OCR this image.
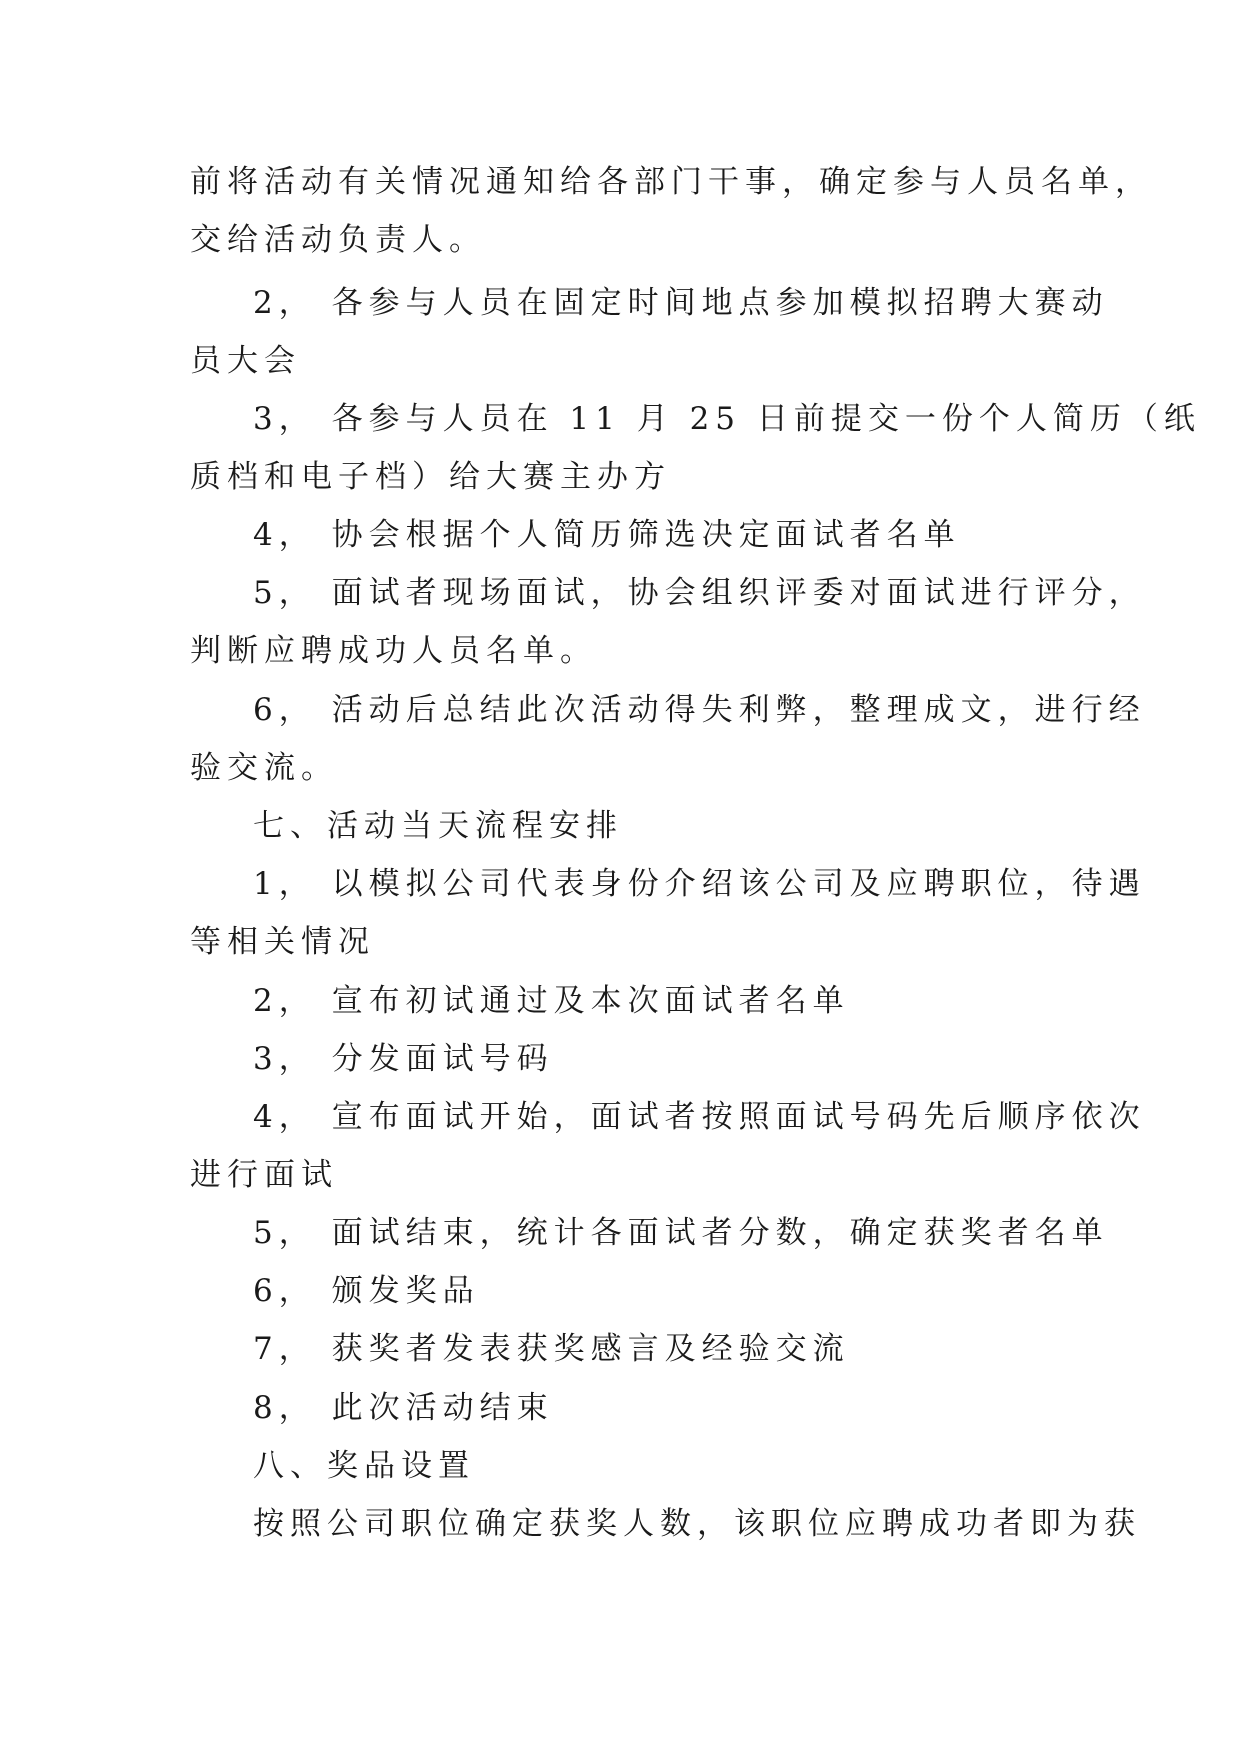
前将活动有关情况通知给各部门干事，确定参与人员名单，
交给活动负责人。
2， 各参与人员在固定时间地点参加模拟招聘大赛动
员大会
3， 各参与人员在 11 月 25 日前提交一份个人简历（纸
质档和电子档）给大赛主办方
4， 协会根据个人简历筛选决定面试者名单
5， 面试者现场面试，协会组织评委对面试进行评分，
判断应聘成功人员名单。
6， 活动后总结此次活动得失利弊，整理成文，进行经
验交流。
七、活动当天流程安排
1， 以模拟公司代表身份介绍该公司及应聘职位，待遇
等相关情况
2， 宣布初试通过及本次面试者名单
3， 分发面试号码
4， 宣布面试开始，面试者按照面试号码先后顺序依次
进行面试
5， 面试结束，统计各面试者分数，确定获奖者名单
6， 颁发奖品
7， 获奖者发表获奖感言及经验交流
8， 此次活动结束
八、奖品设置
按照公司职位确定获奖人数，该职位应聘成功者即为获
